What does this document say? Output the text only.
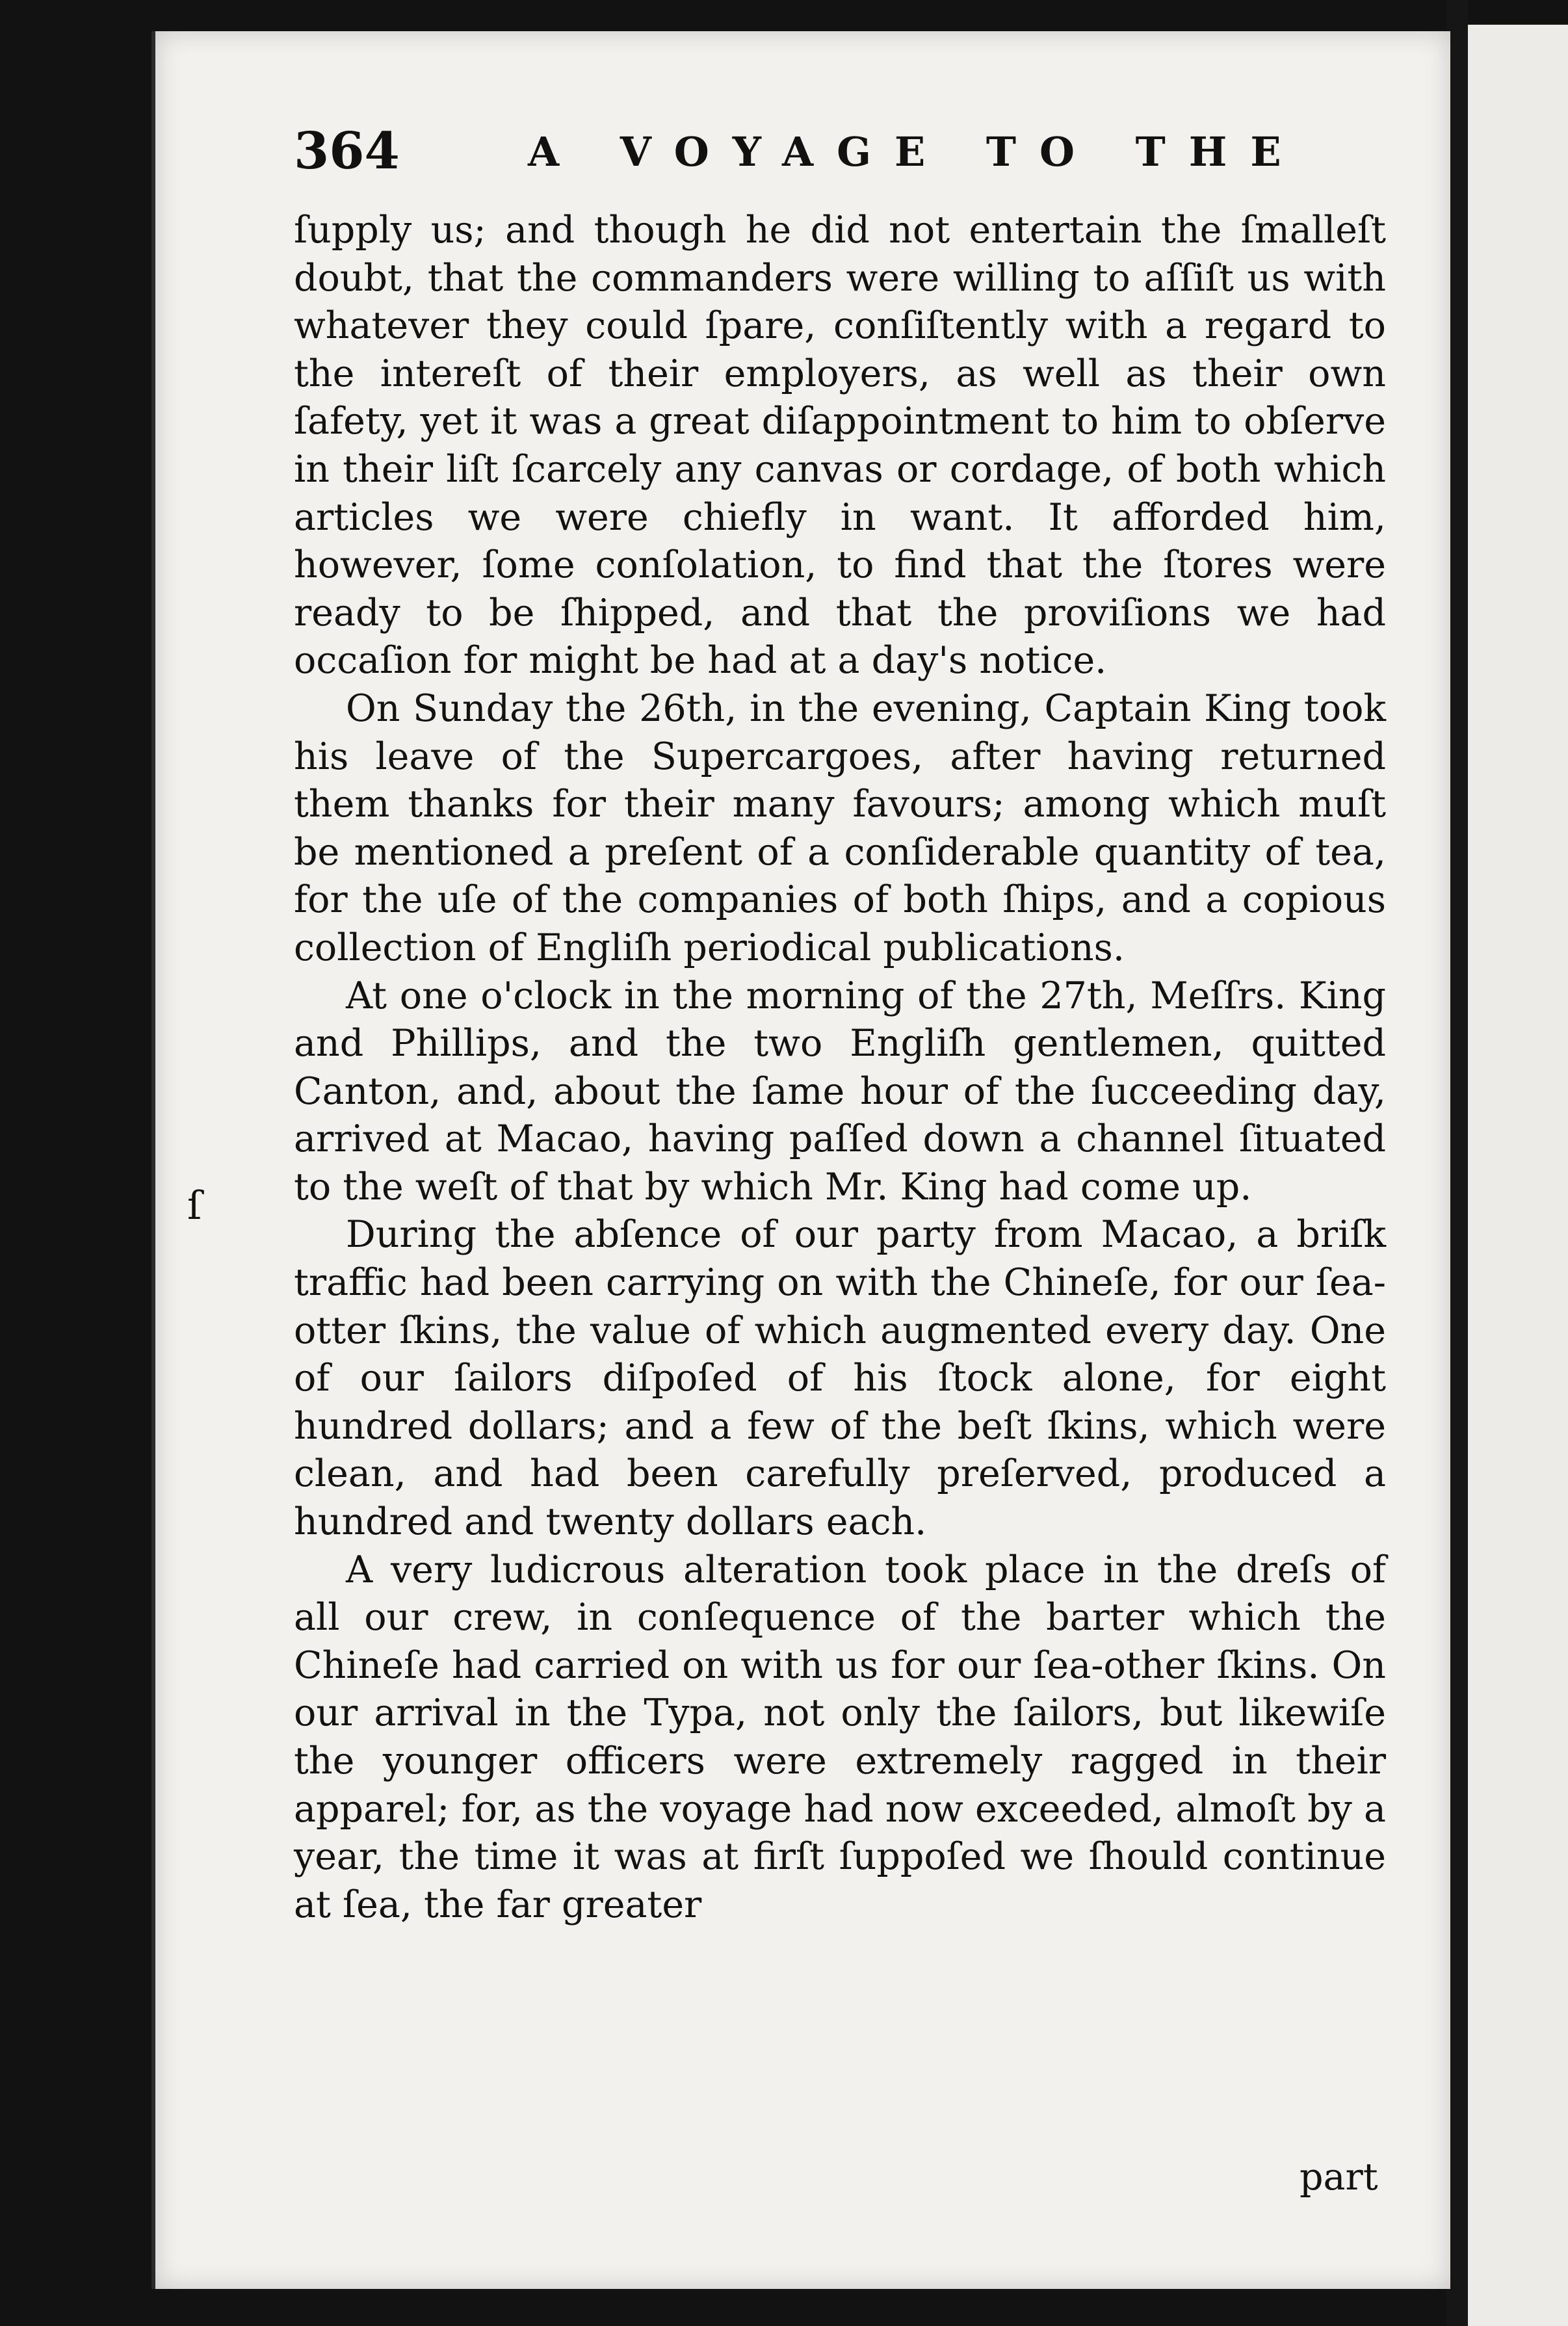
364	A VOYAGE TO THE

ſupply us; and though he did not entertain the ſmalleſt doubt, that the commanders were willing to aſſiſt us with whatever they could ſpare, conſiſtently with a regard to the intereſt of their employers, as well as their own ſafety, yet it was a great diſappointment to him to obſerve in their liſt ſcarcely any canvas or cordage, of both which articles we were chiefly in want. It afforded him, however, ſome conſolation, to find that the ſtores were ready to be ſhipped, and that the proviſions we had occaſion for might be had at a day's notice.

On Sunday the 26th, in the evening, Captain King took his leave of the Supercargoes, after having returned them thanks for their many favours; among which muſt be mentioned a preſent of a conſiderable quantity of tea, for the uſe of the companies of both ſhips, and a copious collection of Engliſh periodical publications.

At one o'clock in the morning of the 27th, Meſſrs. King and Phillips, and the two Engliſh gentlemen, quitted Canton, and, about the ſame hour of the ſucceeding day, arrived at Macao, having paſſed down a channel ſituated to the weſt of that by which Mr. King had come up.

During the abſence of our party from Macao, a briſk traffic had been carrying on with the Chineſe, for our ſea-otter ſkins, the value of which augmented every day. One of our ſailors diſpoſed of his ſtock alone, for eight hundred dollars; and a few of the beſt ſkins, which were clean, and had been carefully preſerved, produced a hundred and twenty dollars each.

A very ludicrous alteration took place in the dreſs of all our crew, in conſequence of the barter which the Chineſe had carried on with us for our ſea-other ſkins. On our arrival in the Typa, not only the ſailors, but likewiſe the younger officers were extremely ragged in their apparel; for, as the voyage had now exceeded, almoſt by a year, the time it was at firſt ſuppoſed we ſhould continue at ſea, the far greater

part
ſ
